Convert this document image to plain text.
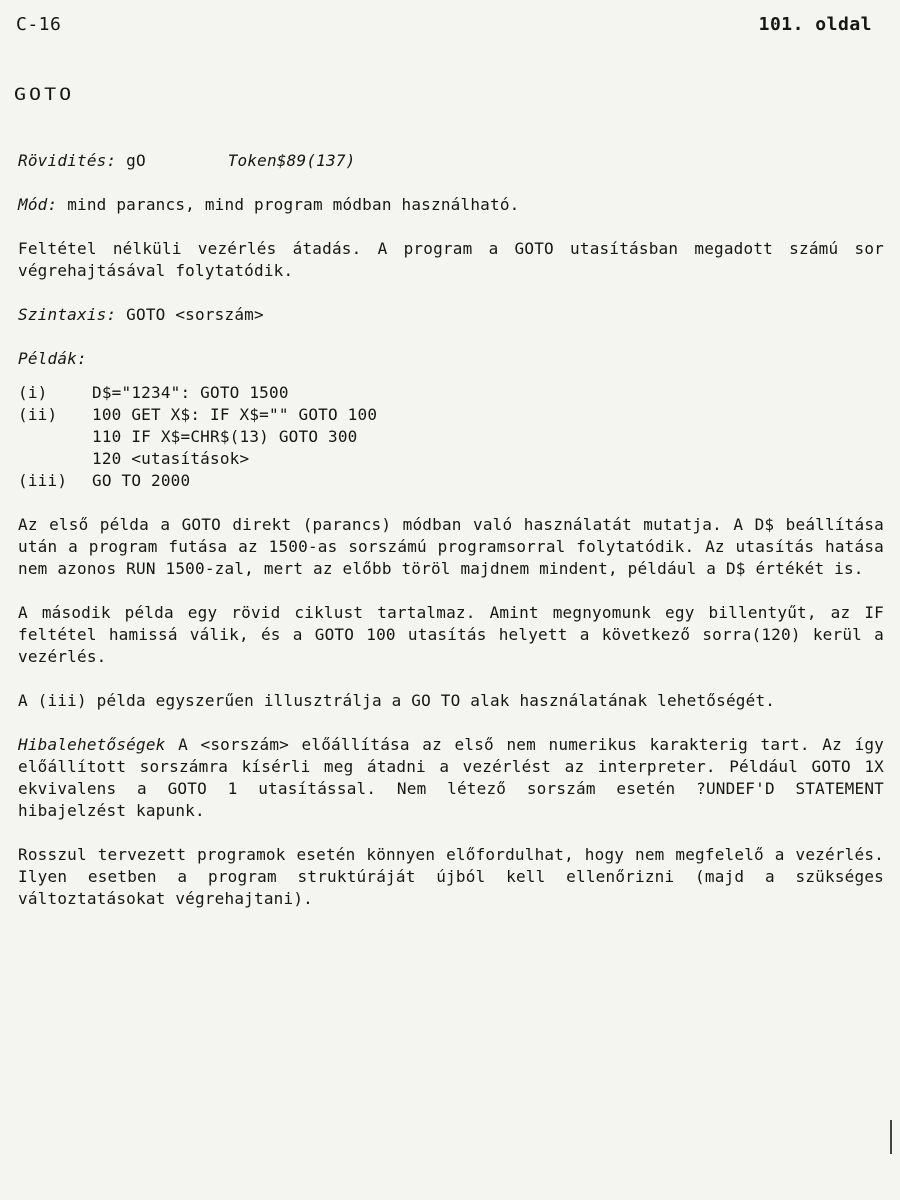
C-16	101. oldal
GOTO

Rövidités: gO	Token$89(137)

Mód: mind parancs, mind program módban használható.

Feltétel nélküli vezérlés átadás. A program a GOTO utasításban megadott számú sor végrehajtásával folytatódik.

Szintaxis: GOTO <sorszám>

Példák:

(i)	D$="1234": GOTO 1500
(ii)	100 GET X$: IF X$="" GOTO 100
110 IF X$=CHR$(13) GOTO 300
120 <utasítások>
(iii)	GO TO 2000

Az első példa a GOTO direkt (parancs) módban való használatát mutatja. A D$ beállítása után a program futása az 1500-as sorszámú programsorral folytatódik. Az utasítás hatása nem azonos RUN 1500-zal, mert az előbb töröl majdnem mindent, például a D$ értékét is.

A második példa egy rövid ciklust tartalmaz. Amint megnyomunk egy billentyűt, az IF feltétel hamissá válik, és a GOTO 100 utasítás helyett a következő sorra(120) kerül a vezérlés.

A (iii) példa egyszerűen illusztrálja a GO TO alak használatának lehetőségét.

Hibalehetőségek A <sorszám> előállítása az első nem numerikus karakterig tart. Az így előállított sorszámra kísérli meg átadni a vezérlést az interpreter. Például GOTO 1X ekvivalens a GOTO 1 utasítással. Nem létező sorszám esetén ?UNDEF'D STATEMENT hibajelzést kapunk.

Rosszul tervezett programok esetén könnyen előfordulhat, hogy nem megfelelő a vezérlés. Ilyen esetben a program struktúráját újból kell ellenőrizni (majd a szükséges változtatásokat végrehajtani).
